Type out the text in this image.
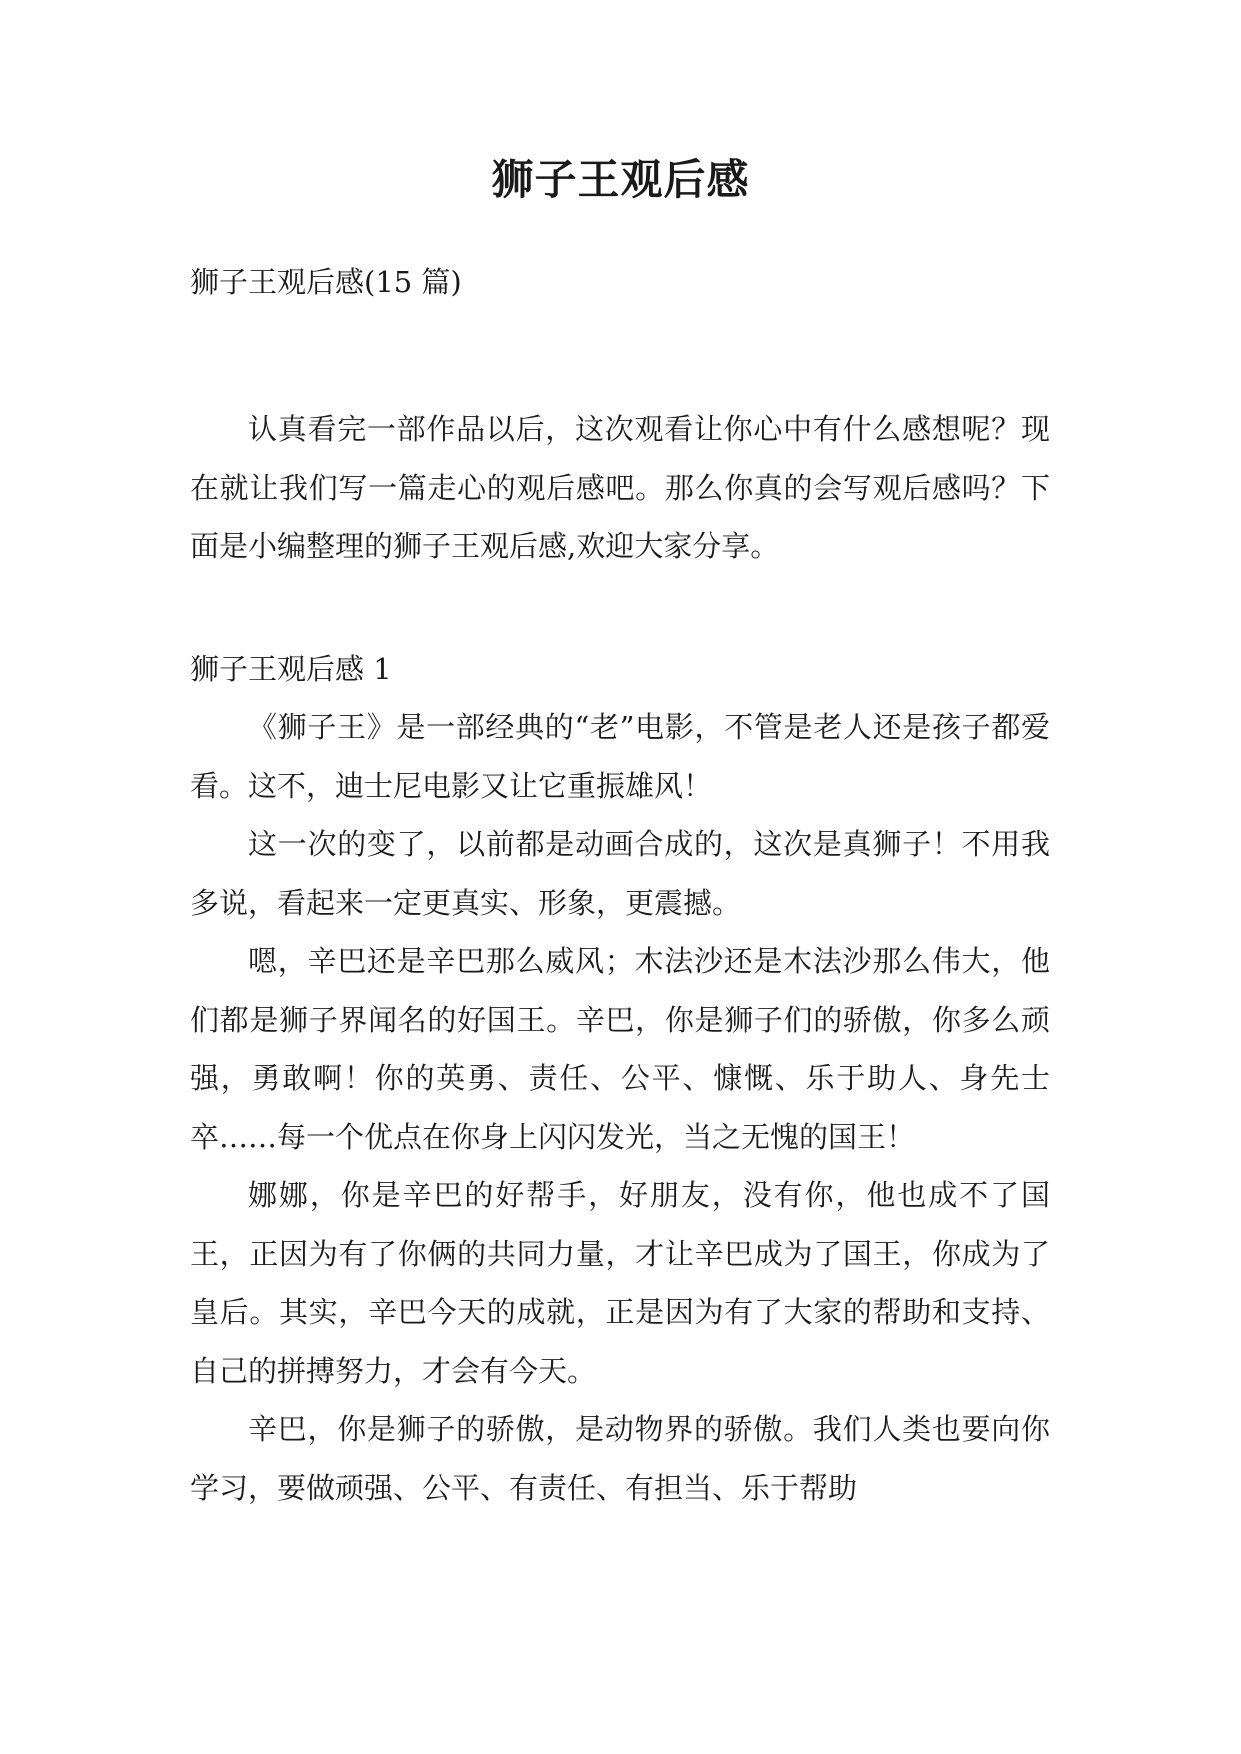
狮子王观后感
狮子王观后感(15 篇)

认真看完一部作品以后，这次观看让你心中有什么感想呢？现在就让我们写一篇走心的观后感吧。那么你真的会写观后感吗？下面是小编整理的狮子王观后感,欢迎大家分享。

狮子王观后感 1

《狮子王》是一部经典的“老”电影，不管是老人还是孩子都爱看。这不，迪士尼电影又让它重振雄风！

这一次的变了，以前都是动画合成的，这次是真狮子！不用我多说，看起来一定更真实、形象，更震撼。

嗯，辛巴还是辛巴那么威风；木法沙还是木法沙那么伟大，他们都是狮子界闻名的好国王。辛巴，你是狮子们的骄傲，你多么顽强，勇敢啊！你的英勇、责任、公平、慷慨、乐于助人、身先士卒……每一个优点在你身上闪闪发光，当之无愧的国王！

娜娜，你是辛巴的好帮手，好朋友，没有你，他也成不了国王，正因为有了你俩的共同力量，才让辛巴成为了国王，你成为了皇后。其实，辛巴今天的成就，正是因为有了大家的帮助和支持、自己的拼搏努力，才会有今天。

辛巴，你是狮子的骄傲，是动物界的骄傲。我们人类也要向你学习，要做顽强、公平、有责任、有担当、乐于帮助
